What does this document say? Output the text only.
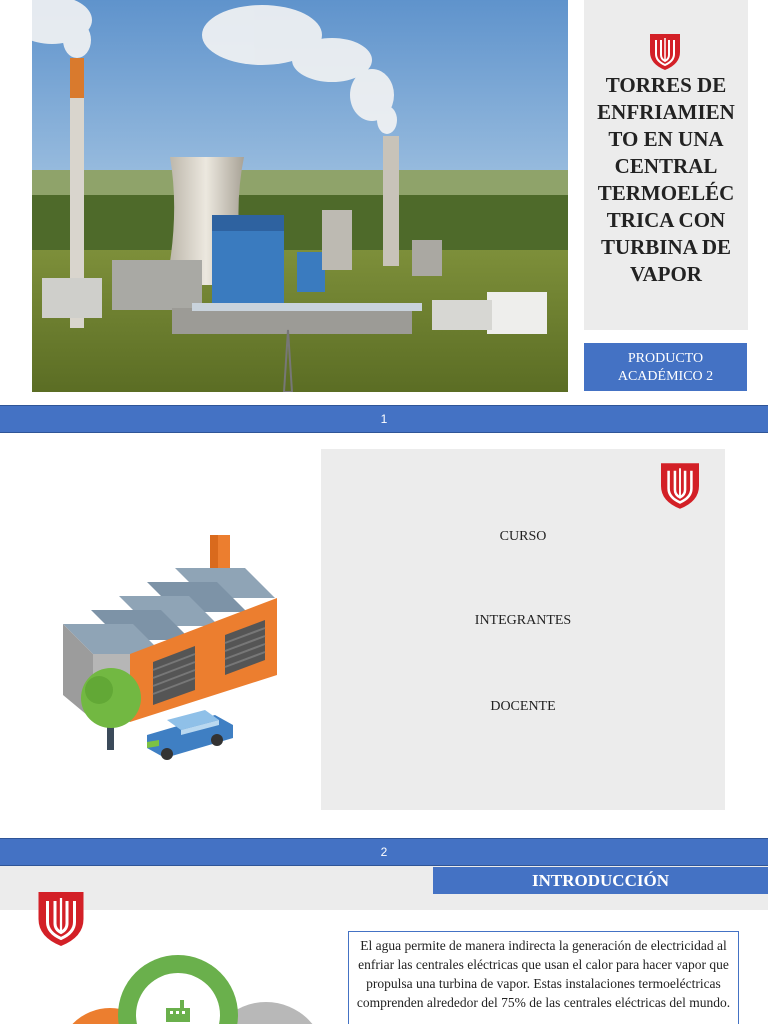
TORRES DE
ENFRIAMIEN
TO EN UNA
CENTRAL
TERMOELÉC
TRICA CON
TURBINA DE
VAPOR
PRODUCTO
ACADÉMICO 2
1
CURSO
INTEGRANTES
DOCENTE
2
INTRODUCCIÓN

El agua permite de manera indirecta la generación de electricidad al enfriar las centrales eléctricas que usan el calor para hacer vapor que propulsa una turbina de vapor. Estas instalaciones termoeléctricas comprenden alrededor del 75% de las centrales eléctricas del mundo.
